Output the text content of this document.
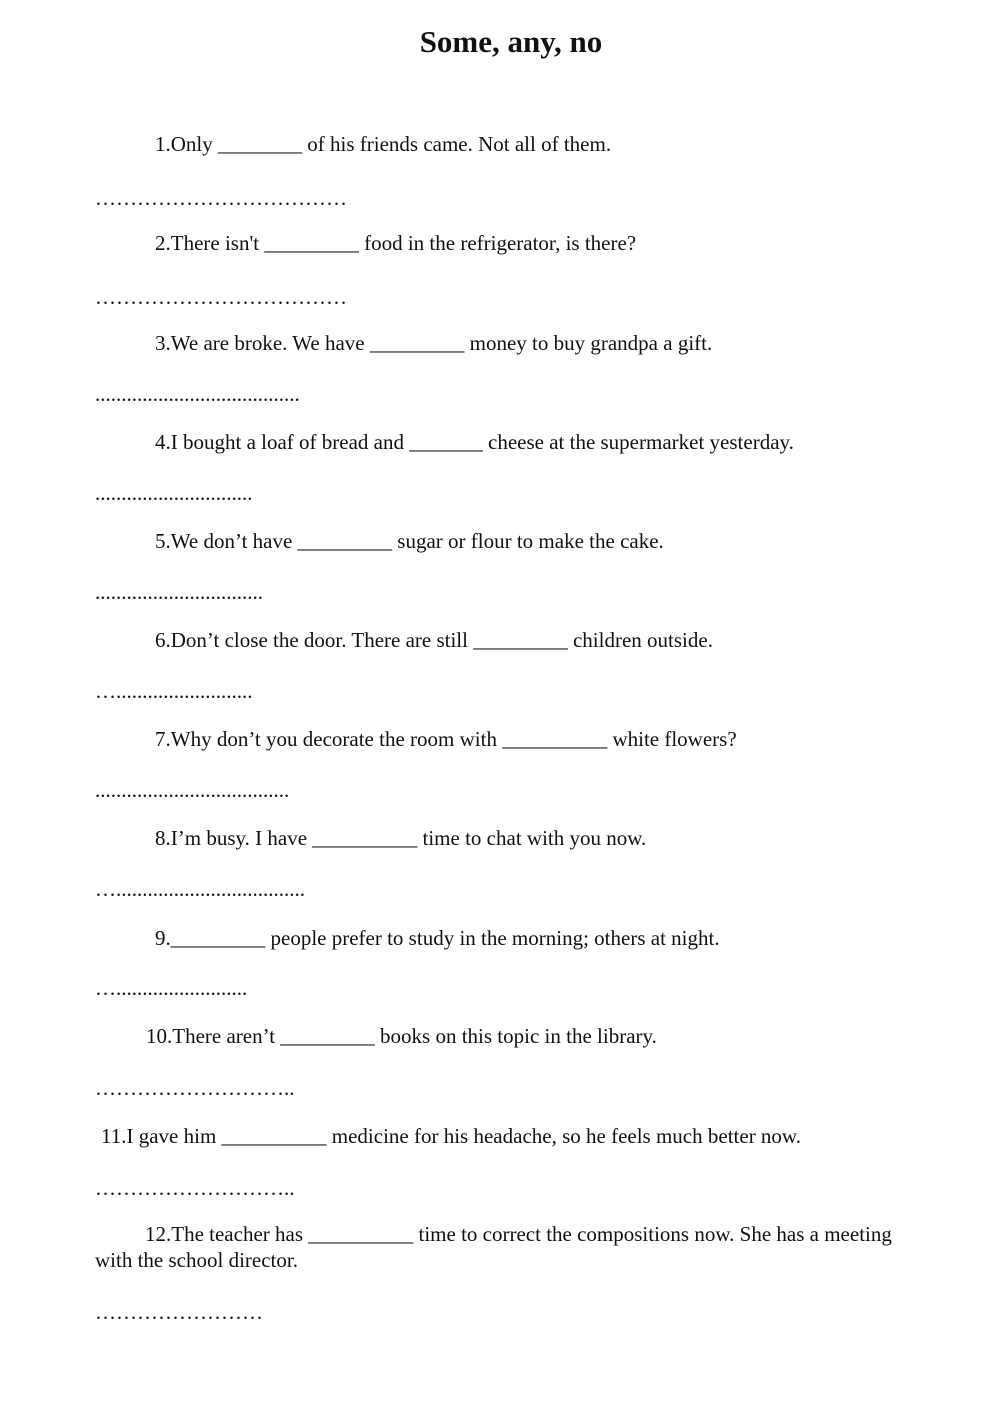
Some, any, no

1.Only ________ of his friends came. Not all of them.

………………………………

2.There isn't _________ food in the refrigerator, is there?

………………………………

3.We are broke. We have _________ money to buy grandpa a gift.

.......................................

4.I bought a loaf of bread and _______ cheese at the supermarket yesterday.

..............................

5.We don’t have _________ sugar or flour to make the cake.

................................

6.Don’t close the door. There are still _________ children outside.

…..........................

7.Why don’t you decorate the room with __________ white flowers?

.....................................

8.I’m busy. I have __________ time to chat with you now.

…....................................

9._________ people prefer to study in the morning; others at night.

….........................

10.There aren’t _________ books on this topic in the library.

………………………..

11.I gave him __________ medicine for his headache, so he feels much better now.

………………………..

12.The teacher has __________ time to correct the compositions now. She has a meeting with the school director.

……………………
